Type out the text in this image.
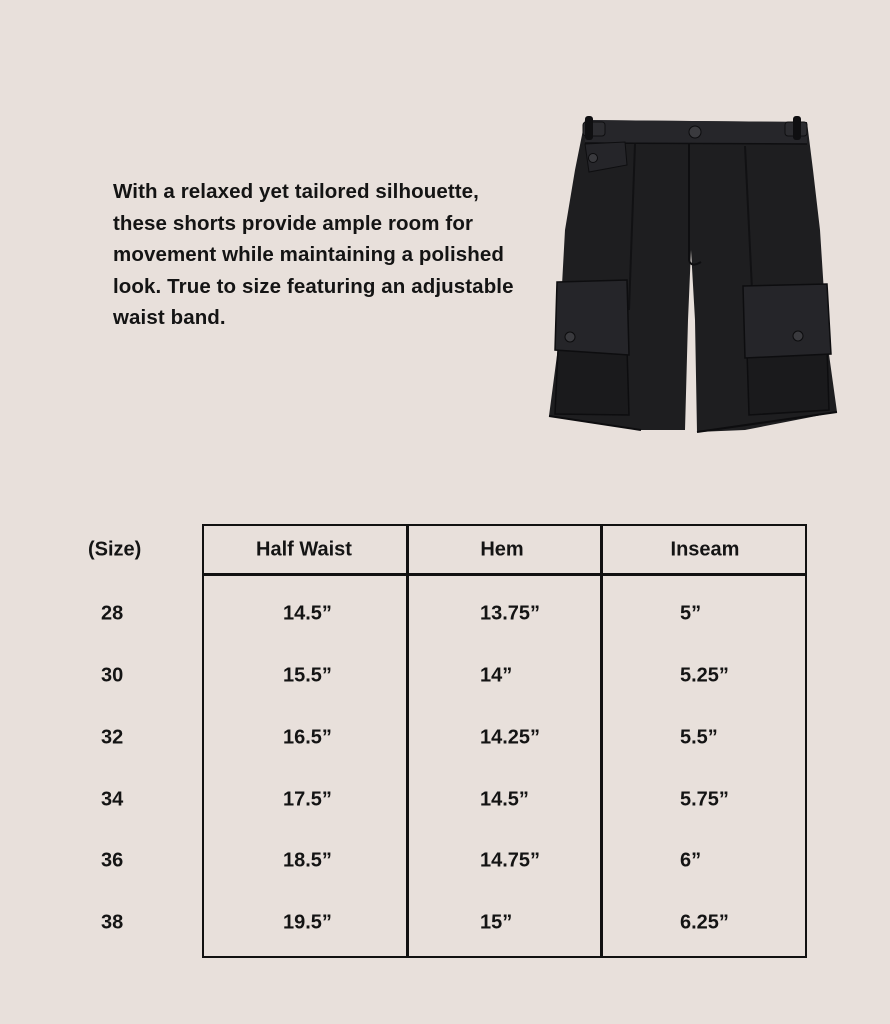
With a relaxed yet tailored silhouette,
these shorts provide ample room for
movement while maintaining a polished
look. True to size featuring an adjustable
waist band.
(Size)	Half Waist	Hem	Inseam
28	14.5”	13.75”	5”
30	15.5”	14”	5.25”
32	16.5”	14.25”	5.5”
34	17.5”	14.5”	5.75”
36	18.5”	14.75”	6”
38	19.5”	15”	6.25”
